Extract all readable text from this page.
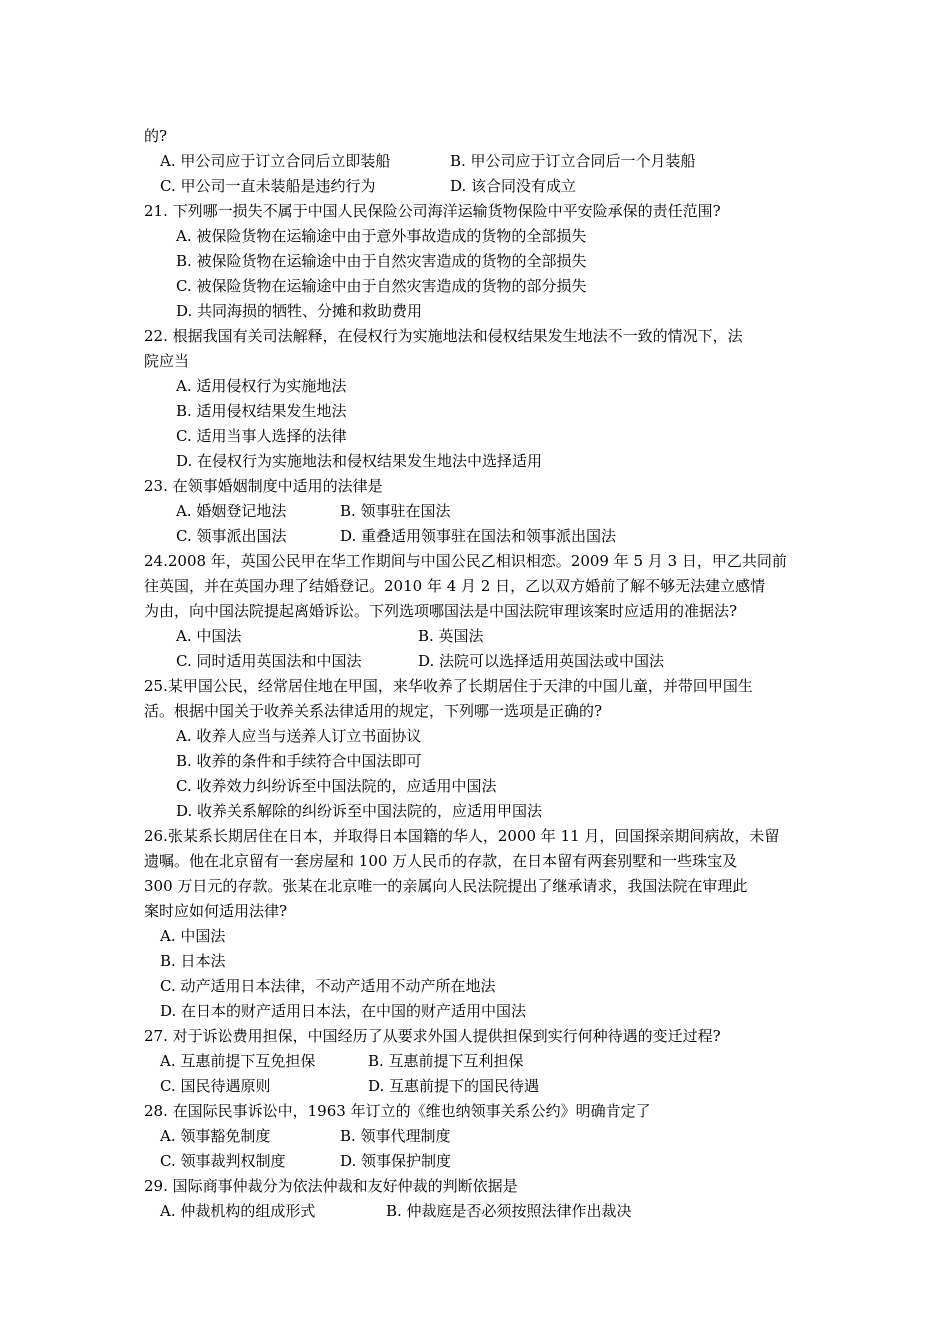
的?
A. 甲公司应于订立合同后立即装船	B. 甲公司应于订立合同后一个月装船
C. 甲公司一直未装船是违约行为	D. 该合同没有成立
21. 下列哪一损失不属于中国人民保险公司海洋运输货物保险中平安险承保的责任范围?
A. 被保险货物在运输途中由于意外事故造成的货物的全部损失
B. 被保险货物在运输途中由于自然灾害造成的货物的全部损失
C. 被保险货物在运输途中由于自然灾害造成的货物的部分损失
D. 共同海损的牺牲、分摊和救助费用
22. 根据我国有关司法解释，在侵权行为实施地法和侵权结果发生地法不一致的情况下，法
院应当
A. 适用侵权行为实施地法
B. 适用侵权结果发生地法
C. 适用当事人选择的法律
D. 在侵权行为实施地法和侵权结果发生地法中选择适用
23. 在领事婚姻制度中适用的法律是
A. 婚姻登记地法	B. 领事驻在国法
C. 领事派出国法	D. 重叠适用领事驻在国法和领事派出国法
24.2008 年，英国公民甲在华工作期间与中国公民乙相识相恋。2009 年 5 月 3 日，甲乙共同前
往英国，并在英国办理了结婚登记。2010 年 4 月 2 日，乙以双方婚前了解不够无法建立感情
为由，向中国法院提起离婚诉讼。下列选项哪国法是中国法院审理该案时应适用的准据法?
A. 中国法	B. 英国法
C. 同时适用英国法和中国法	D. 法院可以选择适用英国法或中国法
25.某甲国公民，经常居住地在甲国，来华收养了长期居住于天津的中国儿童，并带回甲国生
活。根据中国关于收养关系法律适用的规定，下列哪一选项是正确的?
A. 收养人应当与送养人订立书面协议
B. 收养的条件和手续符合中国法即可
C. 收养效力纠纷诉至中国法院的，应适用中国法
D. 收养关系解除的纠纷诉至中国法院的，应适用甲国法
26.张某系长期居住在日本，并取得日本国籍的华人，2000 年 11 月，回国探亲期间病故，未留
遗嘱。他在北京留有一套房屋和 100 万人民币的存款，在日本留有两套别墅和一些珠宝及
300 万日元的存款。张某在北京唯一的亲属向人民法院提出了继承请求，我国法院在审理此
案时应如何适用法律?
A. 中国法
B. 日本法
C. 动产适用日本法律，不动产适用不动产所在地法
D. 在日本的财产适用日本法，在中国的财产适用中国法
27. 对于诉讼费用担保，中国经历了从要求外国人提供担保到实行何种待遇的变迁过程?
A. 互惠前提下互免担保	B. 互惠前提下互利担保
C. 国民待遇原则	D. 互惠前提下的国民待遇
28. 在国际民事诉讼中，1963 年订立的《维也纳领事关系公约》明确肯定了
A. 领事豁免制度	B. 领事代理制度
C. 领事裁判权制度	D. 领事保护制度
29. 国际商事仲裁分为依法仲裁和友好仲裁的判断依据是
A. 仲裁机构的组成形式	B. 仲裁庭是否必须按照法律作出裁决
